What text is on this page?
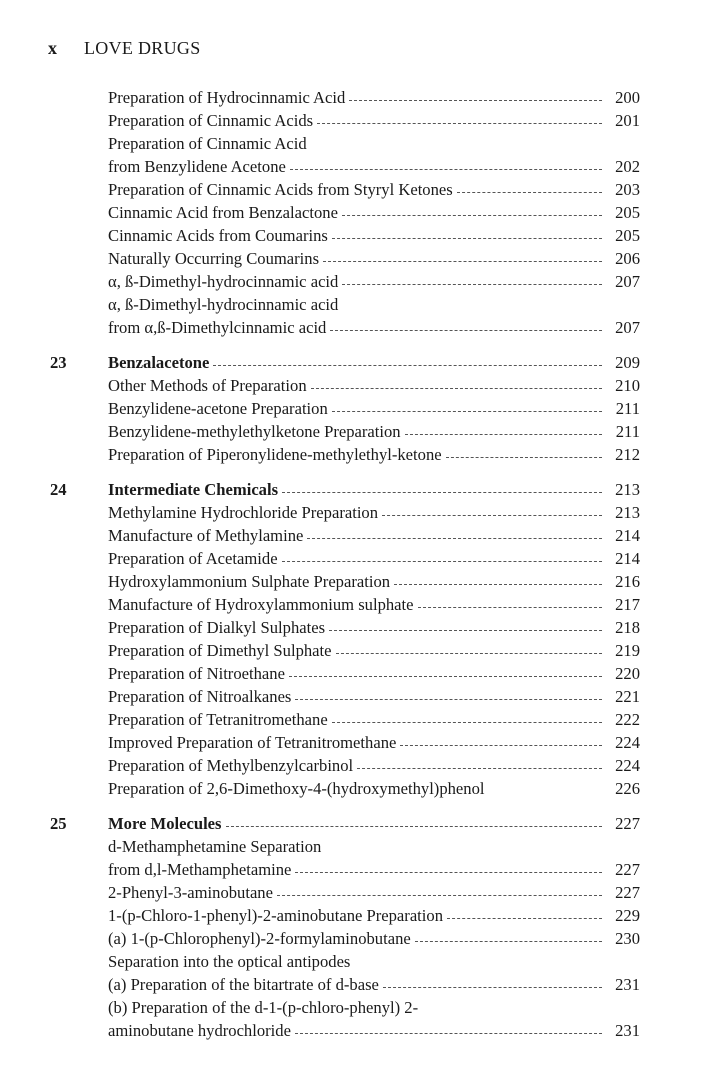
x	LOVE DRUGS
Preparation of Hydrocinnamic Acid	200
Preparation of Cinnamic Acids	201
Preparation of Cinnamic Acid
from Benzylidene Acetone	202
Preparation of Cinnamic Acids from Styryl Ketones	203
Cinnamic Acid from Benzalactone	205
Cinnamic Acids from Coumarins	205
Naturally Occurring Coumarins	206
α, ß-Dimethyl-hydrocinnamic acid	207
α, ß-Dimethyl-hydrocinnamic acid
from α,ß-Dimethylcinnamic acid	207
23	Benzalacetone	209
Other Methods of Preparation	210
Benzylidene-acetone Preparation	211
Benzylidene-methylethylketone Preparation	211
Preparation of Piperonylidene-methylethyl-ketone	212
24	Intermediate Chemicals	213
Methylamine Hydrochloride Preparation	213
Manufacture of Methylamine	214
Preparation of Acetamide	214
Hydroxylammonium Sulphate Preparation	216
Manufacture of Hydroxylammonium sulphate	217
Preparation of Dialkyl Sulphates	218
Preparation of Dimethyl Sulphate	219
Preparation of Nitroethane	220
Preparation of Nitroalkanes	221
Preparation of Tetranitromethane	222
Improved Preparation of Tetranitromethane	224
Preparation of Methylbenzylcarbinol	224
Preparation of 2,6-Dimethoxy-4-(hydroxymethyl)phenol	226
25	More Molecules	227
d-Methamphetamine Separation
from d,l-Methamphetamine	227
2-Phenyl-3-aminobutane	227
1-(p-Chloro-1-phenyl)-2-aminobutane Preparation	229
(a) 1-(p-Chlorophenyl)-2-formylaminobutane	230
Separation into the optical antipodes
(a) Preparation of the bitartrate of d-base	231
(b) Preparation of the d-1-(p-chloro-phenyl) 2-
aminobutane hydrochloride	231
